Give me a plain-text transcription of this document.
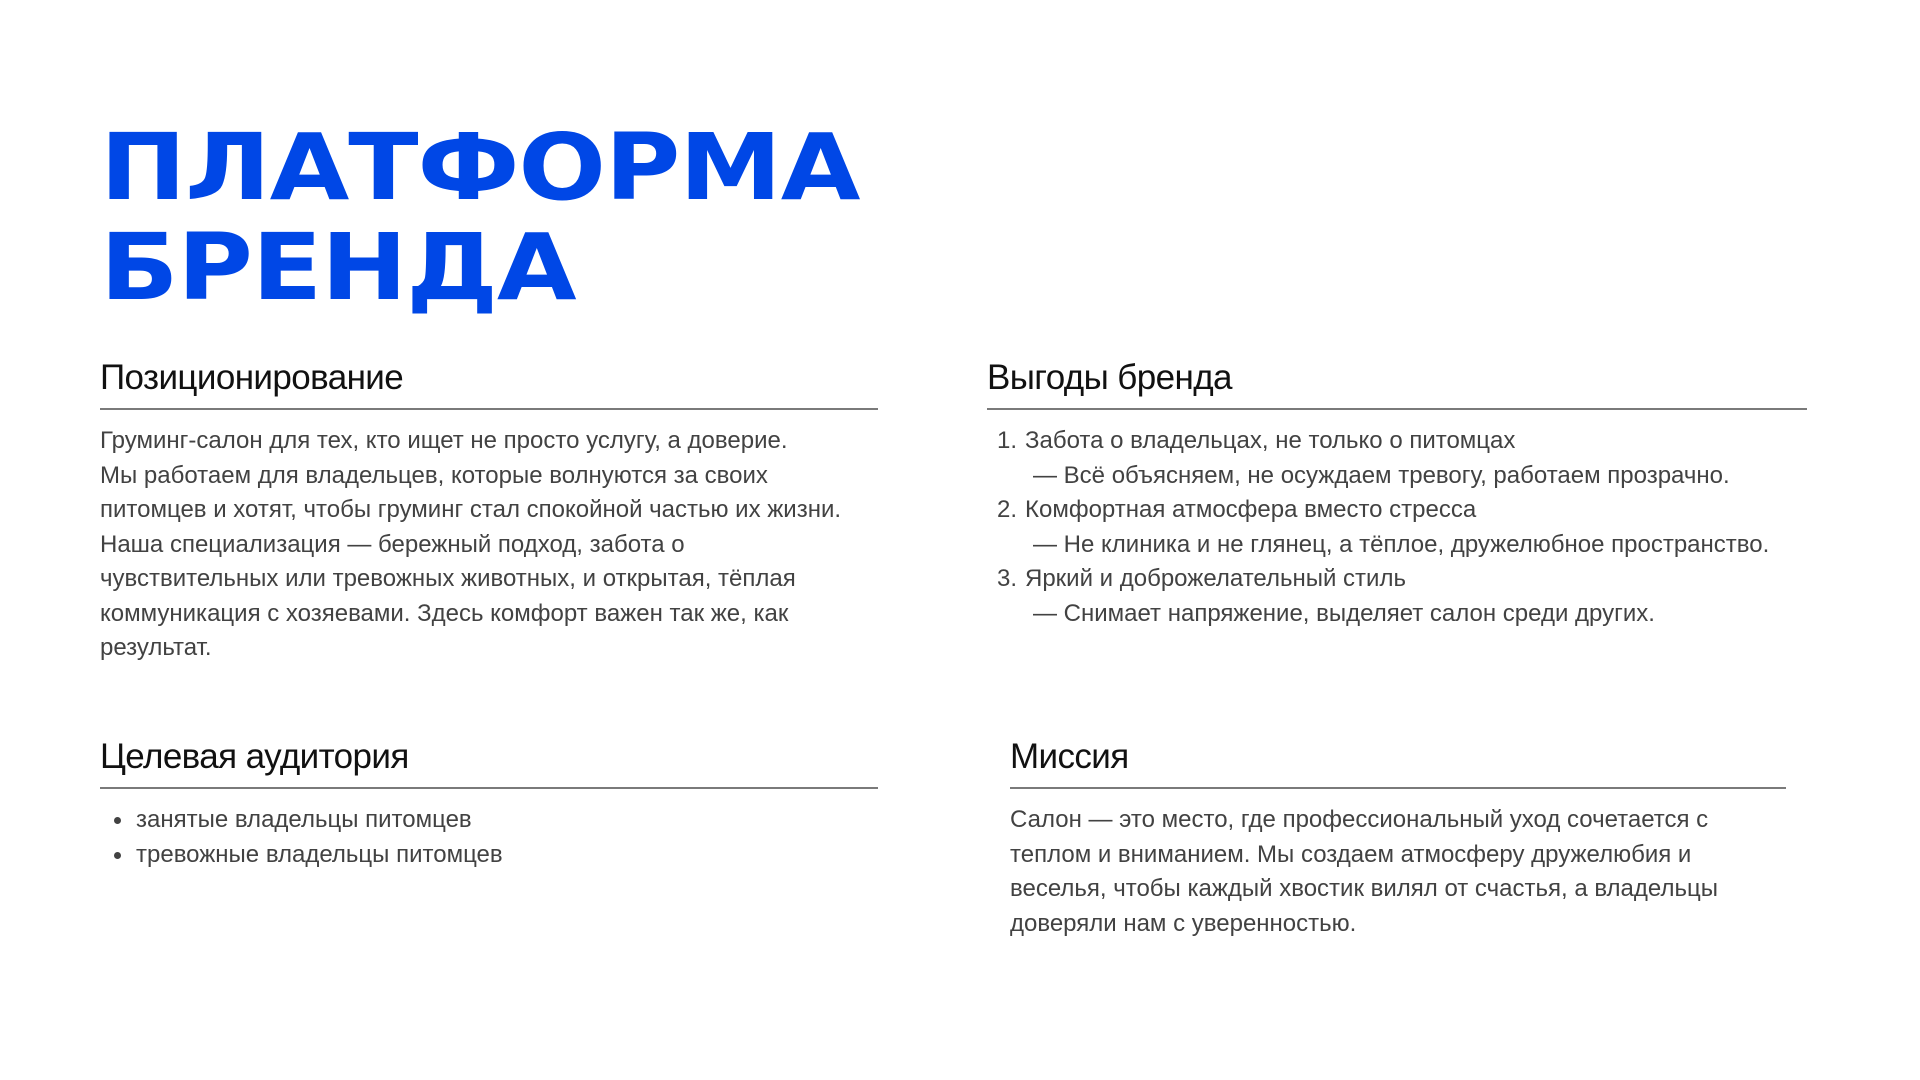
ПЛАТФОРМА
БРЕНДА
Позиционирование

Груминг-салон для тех, кто ищет не просто услугу, а доверие.
Мы работаем для владельцев, которые волнуются за своих
питомцев и хотят, чтобы груминг стал спокойной частью их жизни.
Наша специализация — бережный подход, забота о
чувствительных или тревожных животных, и открытая, тёплая
коммуникация с хозяевами. Здесь комфорт важен так же, как
результат.

Выгоды бренда
1. Забота о владельцах, не только о питомцах
— Всё объясняем, не осуждаем тревогу, работаем прозрачно.
2. Комфортная атмосфера вместо стресса
— Не клиника и не глянец, а тёплое, дружелюбное пространство.
3. Яркий и доброжелательный стиль
— Снимает напряжение, выделяет салон среди других.
Целевая аудитория
занятые владельцы питомцев
тревожные владельцы питомцев
Миссия

Салон — это место, где профессиональный уход сочетается с
теплом и вниманием. Мы создаем атмосферу дружелюбия и
веселья, чтобы каждый хвостик вилял от счастья, а владельцы
доверяли нам с уверенностью.
